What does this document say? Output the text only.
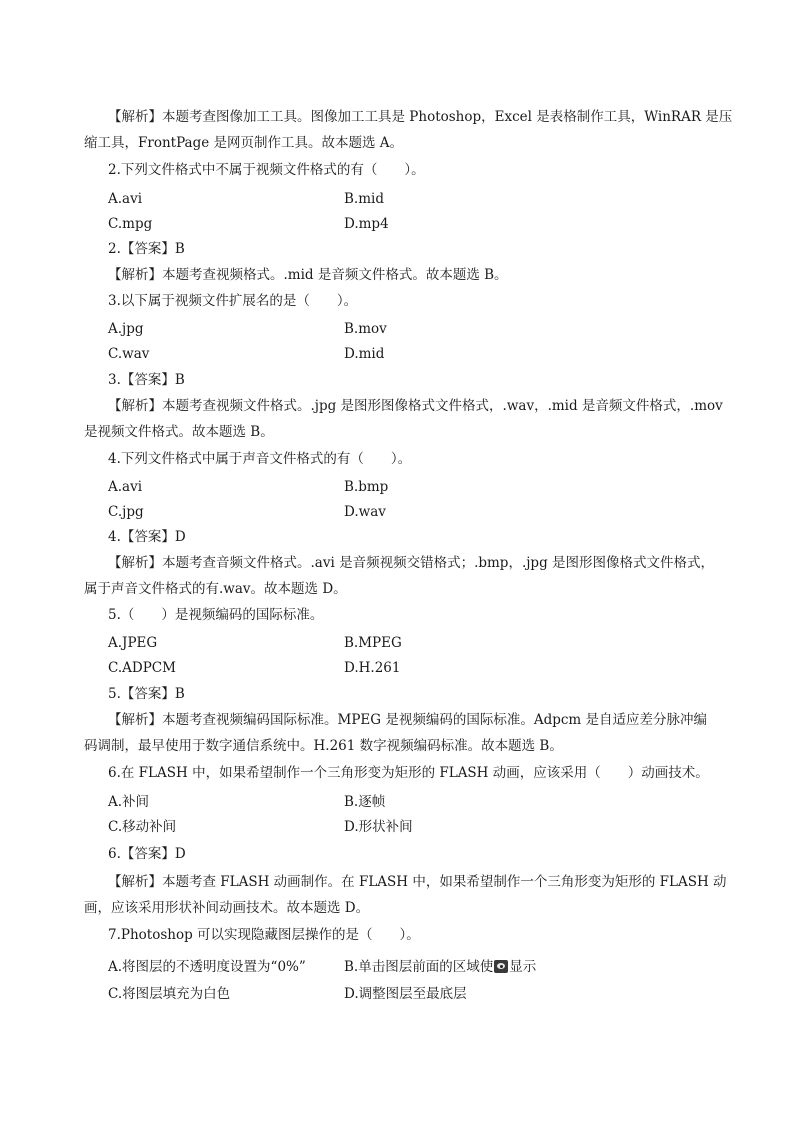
【解析】本题考查图像加工工具。图像加工工具是 Photoshop，Excel 是表格制作工具，WinRAR 是压
缩工具，FrontPage 是网页制作工具。故本题选 A。
2.下列文件格式中不属于视频文件格式的有（　　）。
A.avi	B.mid
C.mpg	D.mp4
2.【答案】B
【解析】本题考查视频格式。.mid 是音频文件格式。故本题选 B。
3.以下属于视频文件扩展名的是（　　）。
A.jpg	B.mov
C.wav	D.mid
3.【答案】B
【解析】本题考查视频文件格式。.jpg 是图形图像格式文件格式，.wav，.mid 是音频文件格式，.mov
是视频文件格式。故本题选 B。
4.下列文件格式中属于声音文件格式的有（　　）。
A.avi	B.bmp
C.jpg	D.wav
4.【答案】D
【解析】本题考查音频文件格式。.avi 是音频视频交错格式；.bmp，.jpg 是图形图像格式文件格式，
属于声音文件格式的有.wav。故本题选 D。
5.（　　）是视频编码的国际标准。
A.JPEG	B.MPEG
C.ADPCM	D.H.261
5.【答案】B
【解析】本题考查视频编码国际标准。MPEG 是视频编码的国际标准。Adpcm 是自适应差分脉冲编
码调制，最早使用于数字通信系统中。H.261 数字视频编码标准。故本题选 B。
6.在 FLASH 中，如果希望制作一个三角形变为矩形的 FLASH 动画，应该采用（　　）动画技术。
A.补间	B.逐帧
C.移动补间	D.形状补间
6.【答案】D
【解析】本题考查 FLASH 动画制作。在 FLASH 中，如果希望制作一个三角形变为矩形的 FLASH 动
画，应该采用形状补间动画技术。故本题选 D。
7.Photoshop 可以实现隐藏图层操作的是（　　）。
A.将图层的不透明度设置为“0%”	B.单击图层前面的区域使 显示
C.将图层填充为白色	D.调整图层至最底层
